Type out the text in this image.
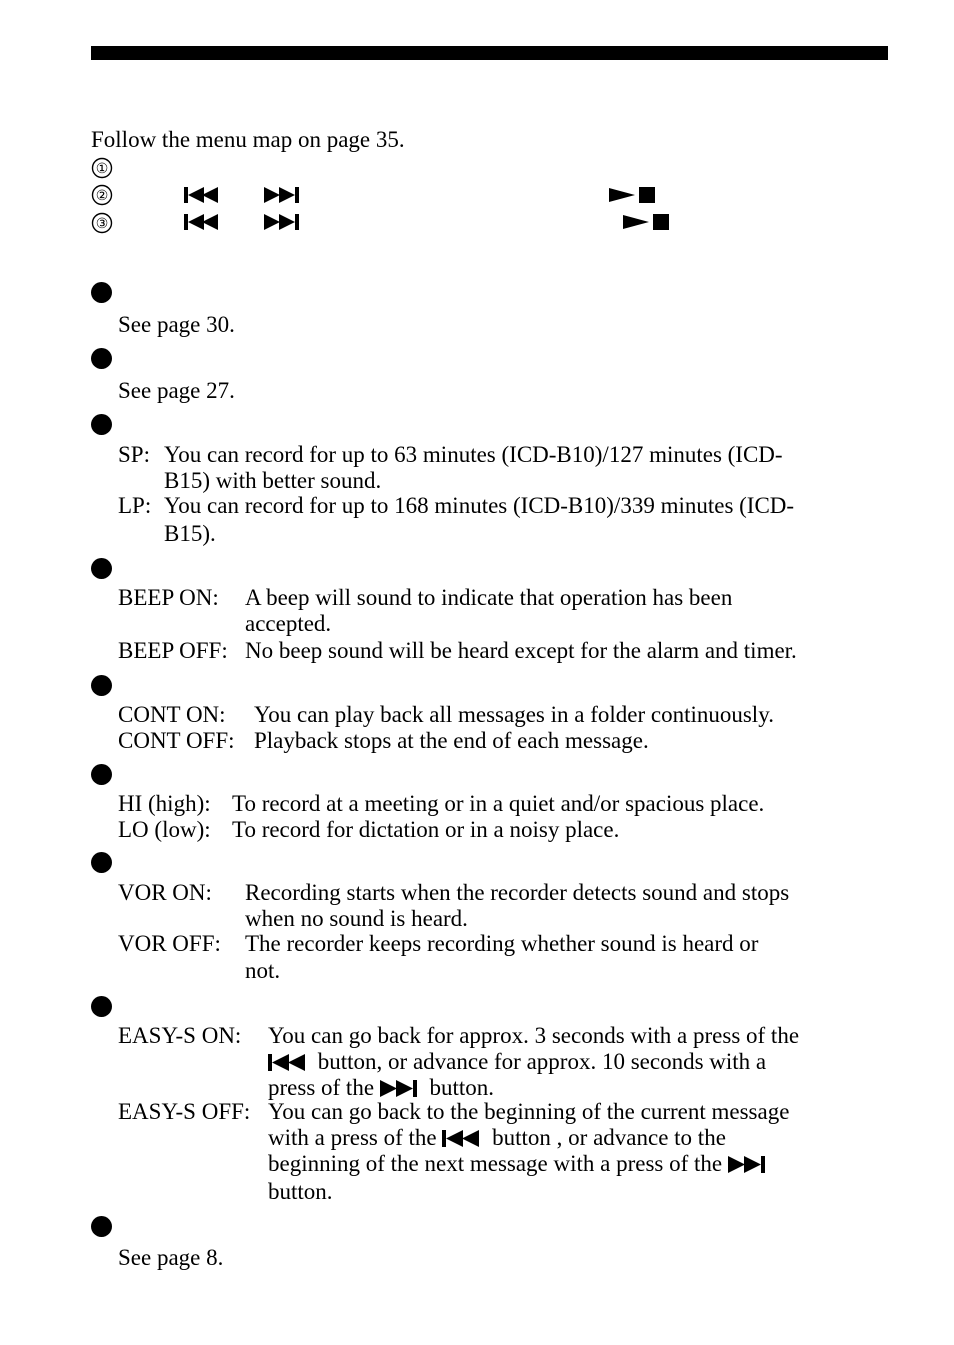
Follow the menu map on page 35.
①
②
③
See page 30.
See page 27.
SP: You can record for up to 63 minutes (ICD-B10)/127 minutes (ICD-
B15) with better sound.
LP: You can record for up to 168 minutes (ICD-B10)/339 minutes (ICD-
B15).
BEEP ON: A beep will sound to indicate that operation has been
accepted.
BEEP OFF: No beep sound will be heard except for the alarm and timer.
CONT ON: You can play back all messages in a folder continuously.
CONT OFF: Playback stops at the end of each message.
HI (high): To record at a meeting or in a quiet and/or spacious place.
LO (low): To record for dictation or in a noisy place.
VOR ON: Recording starts when the recorder detects sound and stops
when no sound is heard.
VOR OFF: The recorder keeps recording whether sound is heard or
not.
EASY-S ON: You can go back for approx. 3 seconds with a press of the
button, or advance for approx. 10 seconds with a
press of the button.
EASY-S OFF: You can go back to the beginning of the current message
with a press of the button , or advance to the
beginning of the next message with a press of the
button.
See page 8.
